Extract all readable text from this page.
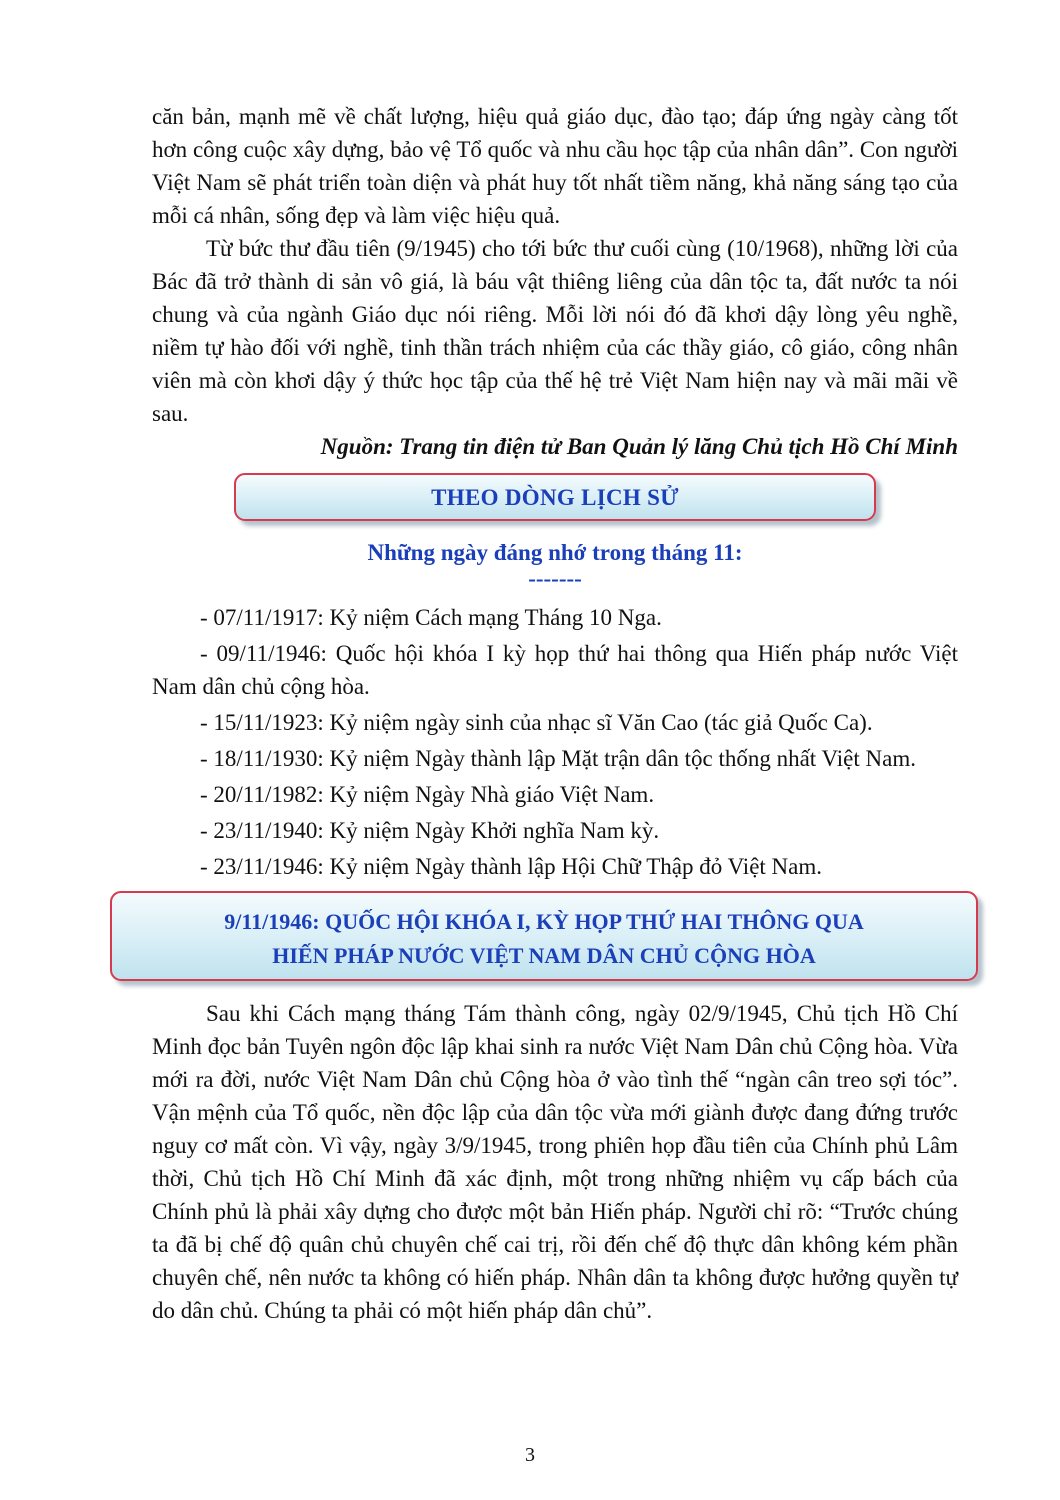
căn bản, mạnh mẽ về chất lượng, hiệu quả giáo dục, đào tạo; đáp ứng ngày càng tốt hơn công cuộc xây dựng, bảo vệ Tổ quốc và nhu cầu học tập của nhân dân”. Con người Việt Nam sẽ phát triển toàn diện và phát huy tốt nhất tiềm năng, khả năng sáng tạo của mỗi cá nhân, sống đẹp và làm việc hiệu quả.

Từ bức thư đầu tiên (9/1945) cho tới bức thư cuối cùng (10/1968), những lời của Bác đã trở thành di sản vô giá, là báu vật thiêng liêng của dân tộc ta, đất nước ta nói chung và của ngành Giáo dục nói riêng. Mỗi lời nói đó đã khơi dậy lòng yêu nghề, niềm tự hào đối với nghề, tinh thần trách nhiệm của các thầy giáo, cô giáo, công nhân viên mà còn khơi dậy ý thức học tập của thế hệ trẻ Việt Nam hiện nay và mãi mãi về sau.

Nguồn: Trang tin điện tử Ban Quản lý lăng Chủ tịch Hồ Chí Minh

THEO DÒNG LỊCH SỬ

Những ngày đáng nhớ trong tháng 11:

-------

- 07/11/1917: Kỷ niệm Cách mạng Tháng 10 Nga.
- 09/11/1946: Quốc hội khóa I kỳ họp thứ hai thông qua Hiến pháp nước Việt Nam dân chủ cộng hòa.
- 15/11/1923: Kỷ niệm ngày sinh của nhạc sĩ Văn Cao (tác giả Quốc Ca).
- 18/11/1930: Kỷ niệm Ngày thành lập Mặt trận dân tộc thống nhất Việt Nam.
- 20/11/1982: Kỷ niệm Ngày Nhà giáo Việt Nam.
- 23/11/1940: Kỷ niệm Ngày Khởi nghĩa Nam kỳ.
- 23/11/1946: Kỷ niệm Ngày thành lập Hội Chữ Thập đỏ Việt Nam.
9/11/1946: QUỐC HỘI KHÓA I, KỲ HỌP THỨ HAI THÔNG QUA
HIẾN PHÁP NƯỚC VIỆT NAM DÂN CHỦ CỘNG HÒA

Sau khi Cách mạng tháng Tám thành công, ngày 02/9/1945, Chủ tịch Hồ Chí Minh đọc bản Tuyên ngôn độc lập khai sinh ra nước Việt Nam Dân chủ Cộng hòa. Vừa mới ra đời, nước Việt Nam Dân chủ Cộng hòa ở vào tình thế “ngàn cân treo sợi tóc”. Vận mệnh của Tổ quốc, nền độc lập của dân tộc vừa mới giành được đang đứng trước nguy cơ mất còn. Vì vậy, ngày 3/9/1945, trong phiên họp đầu tiên của Chính phủ Lâm thời, Chủ tịch Hồ Chí Minh đã xác định, một trong những nhiệm vụ cấp bách của Chính phủ là phải xây dựng cho được một bản Hiến pháp. Người chỉ rõ: “Trước chúng ta đã bị chế độ quân chủ chuyên chế cai trị, rồi đến chế độ thực dân không kém phần chuyên chế, nên nước ta không có hiến pháp. Nhân dân ta không được hưởng quyền tự do dân chủ. Chúng ta phải có một hiến pháp dân chủ”.

3
